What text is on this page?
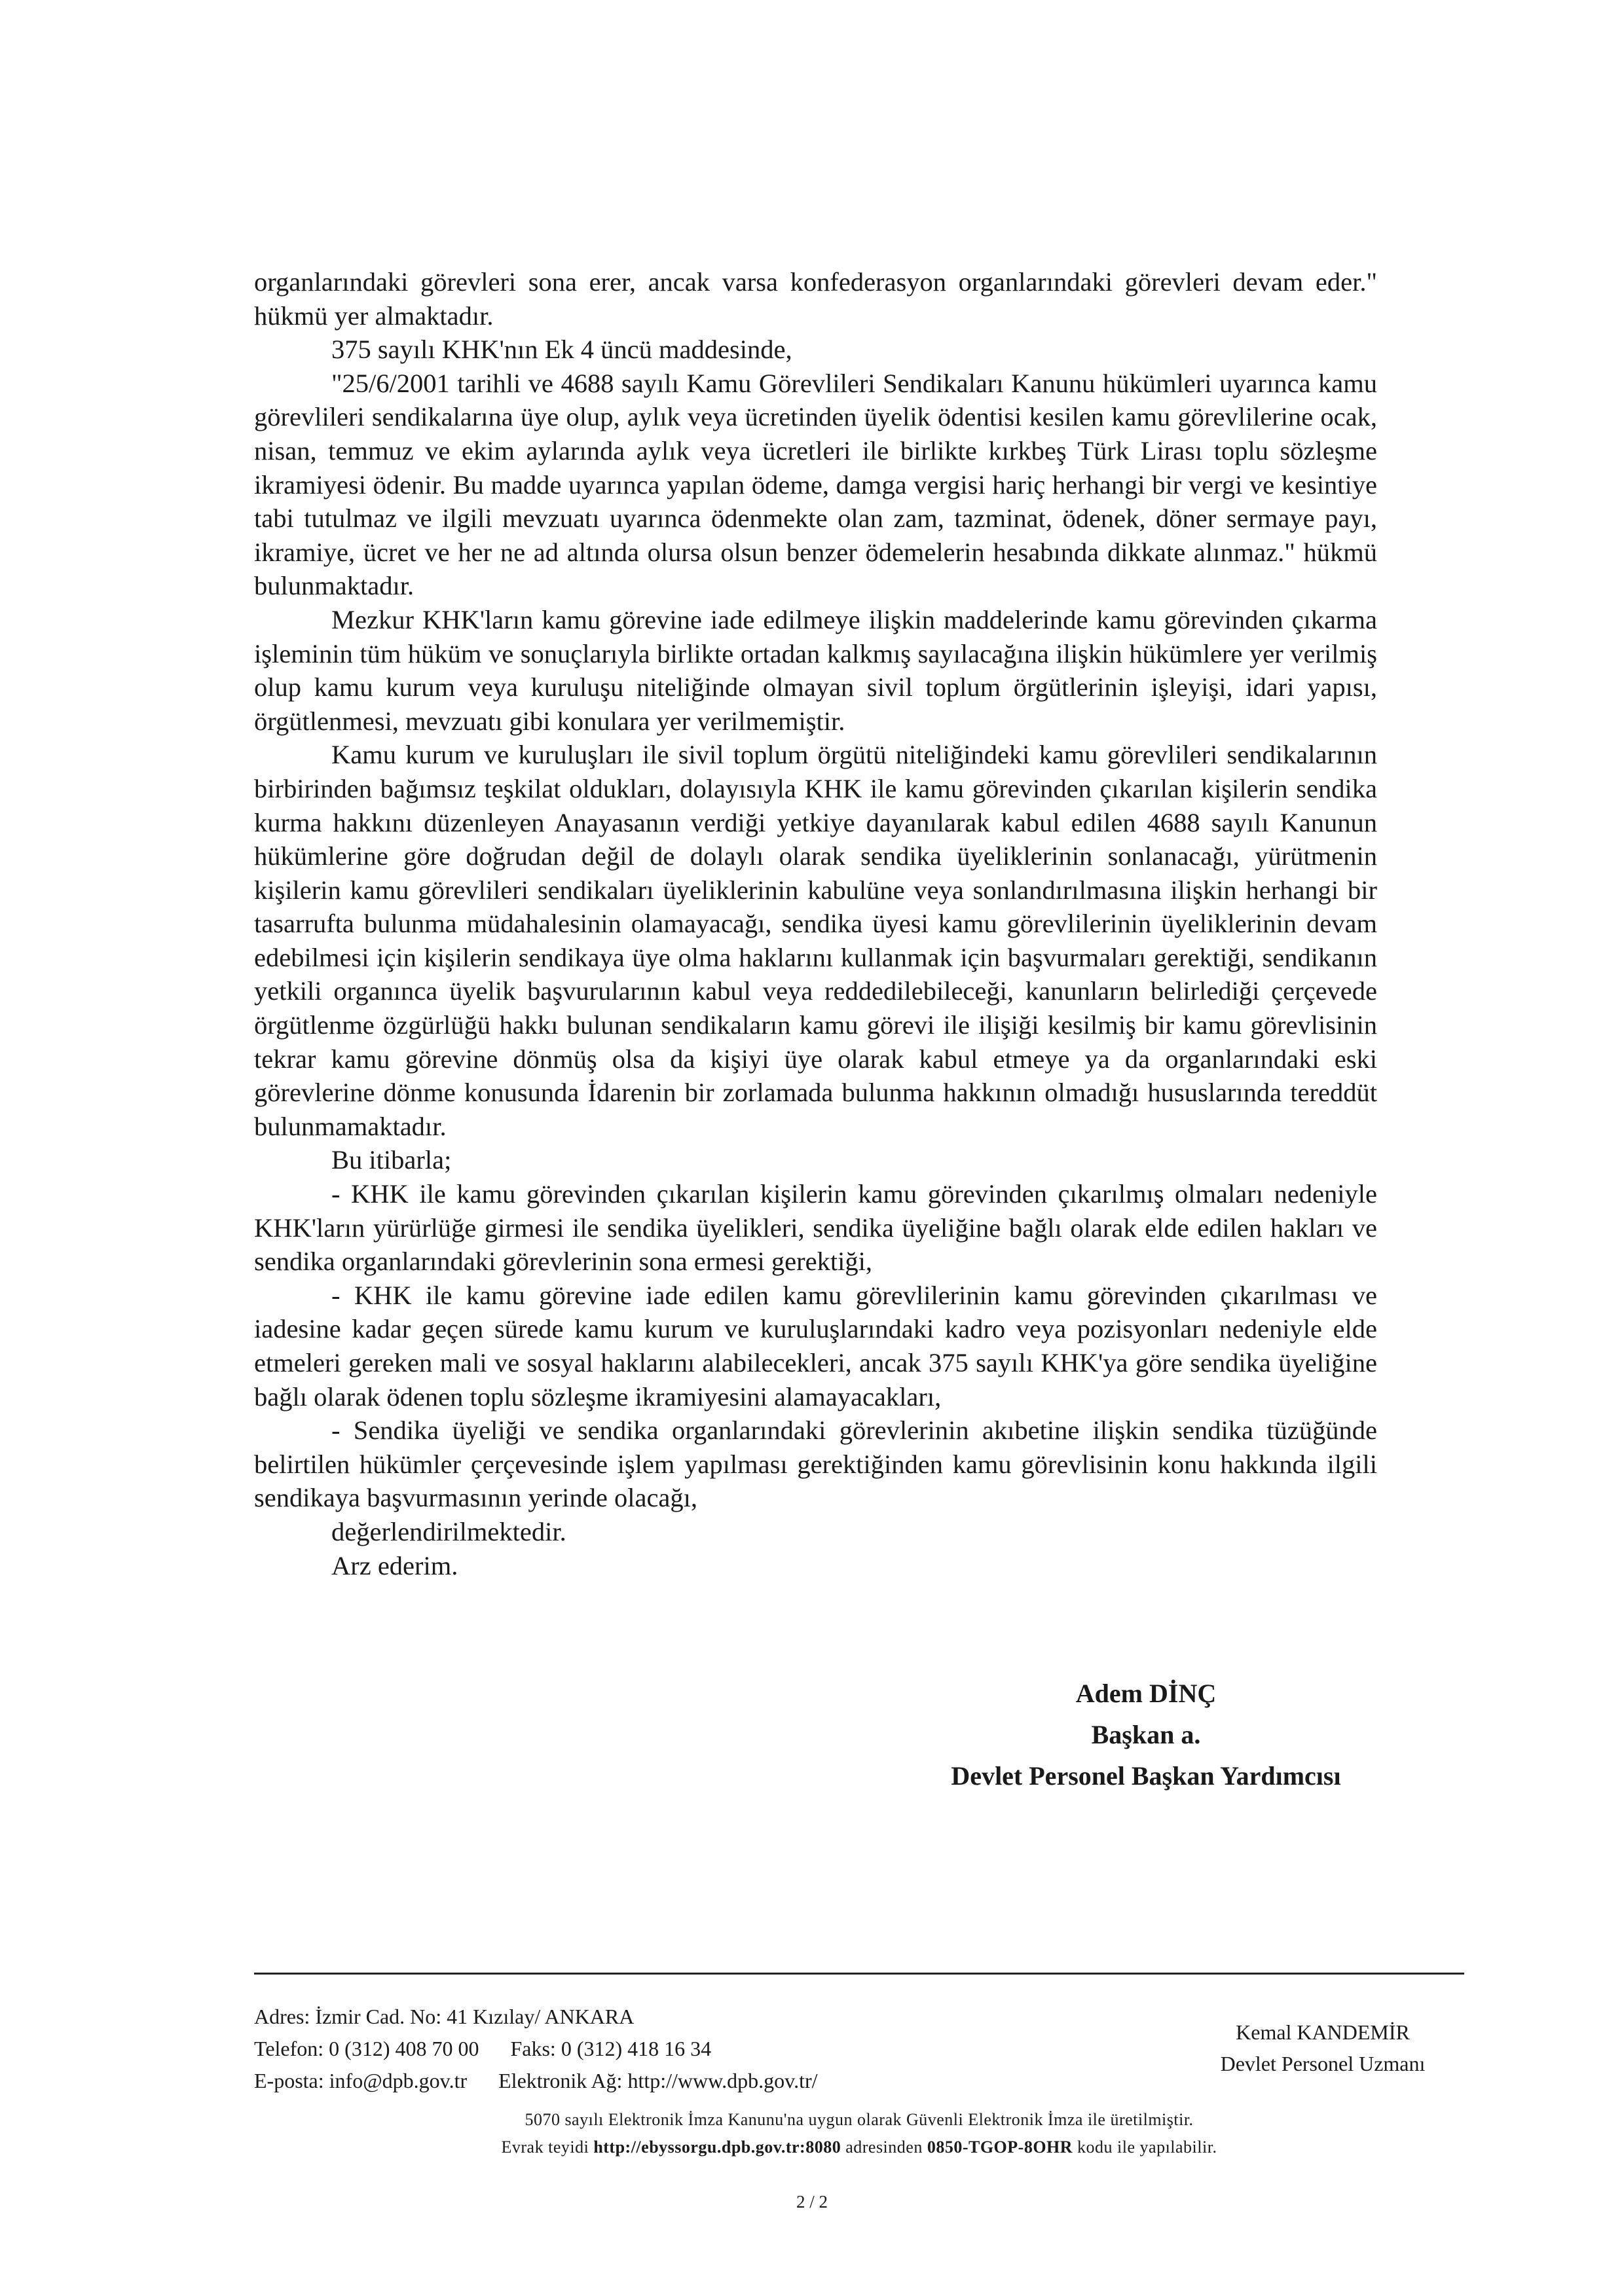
organlarındaki görevleri sona erer, ancak varsa konfederasyon organlarındaki görevleri devam eder." hükmü yer almaktadır.

375 sayılı KHK'nın Ek 4 üncü maddesinde,

"25/6/2001 tarihli ve 4688 sayılı Kamu Görevlileri Sendikaları Kanunu hükümleri uyarınca kamu görevlileri sendikalarına üye olup, aylık veya ücretinden üyelik ödentisi kesilen kamu görevlilerine ocak, nisan, temmuz ve ekim aylarında aylık veya ücretleri ile birlikte kırkbeş Türk Lirası toplu sözleşme ikramiyesi ödenir. Bu madde uyarınca yapılan ödeme, damga vergisi hariç herhangi bir vergi ve kesintiye tabi tutulmaz ve ilgili mevzuatı uyarınca ödenmekte olan zam, tazminat, ödenek, döner sermaye payı, ikramiye, ücret ve her ne ad altında olursa olsun benzer ödemelerin hesabında dikkate alınmaz." hükmü bulunmaktadır.

Mezkur KHK'ların kamu görevine iade edilmeye ilişkin maddelerinde kamu görevinden çıkarma işleminin tüm hüküm ve sonuçlarıyla birlikte ortadan kalkmış sayılacağına ilişkin hükümlere yer verilmiş olup kamu kurum veya kuruluşu niteliğinde olmayan sivil toplum örgütlerinin işleyişi, idari yapısı, örgütlenmesi, mevzuatı gibi konulara yer verilmemiştir.

Kamu kurum ve kuruluşları ile sivil toplum örgütü niteliğindeki kamu görevlileri sendikalarının birbirinden bağımsız teşkilat oldukları, dolayısıyla KHK ile kamu görevinden çıkarılan kişilerin sendika kurma hakkını düzenleyen Anayasanın verdiği yetkiye dayanılarak kabul edilen 4688 sayılı Kanunun hükümlerine göre doğrudan değil de dolaylı olarak sendika üyeliklerinin sonlanacağı, yürütmenin kişilerin kamu görevlileri sendikaları üyeliklerinin kabulüne veya sonlandırılmasına ilişkin herhangi bir tasarrufta bulunma müdahalesinin olamayacağı, sendika üyesi kamu görevlilerinin üyeliklerinin devam edebilmesi için kişilerin sendikaya üye olma haklarını kullanmak için başvurmaları gerektiği, sendikanın yetkili organınca üyelik başvurularının kabul veya reddedilebileceği, kanunların belirlediği çerçevede örgütlenme özgürlüğü hakkı bulunan sendikaların kamu görevi ile ilişiği kesilmiş bir kamu görevlisinin tekrar kamu görevine dönmüş olsa da kişiyi üye olarak kabul etmeye ya da organlarındaki eski görevlerine dönme konusunda İdarenin bir zorlamada bulunma hakkının olmadığı hususlarında tereddüt bulunmamaktadır.

Bu itibarla;

- KHK ile kamu görevinden çıkarılan kişilerin kamu görevinden çıkarılmış olmaları nedeniyle KHK'ların yürürlüğe girmesi ile sendika üyelikleri, sendika üyeliğine bağlı olarak elde edilen hakları ve sendika organlarındaki görevlerinin sona ermesi gerektiği,

- KHK ile kamu görevine iade edilen kamu görevlilerinin kamu görevinden çıkarılması ve iadesine kadar geçen sürede kamu kurum ve kuruluşlarındaki kadro veya pozisyonları nedeniyle elde etmeleri gereken mali ve sosyal haklarını alabilecekleri, ancak 375 sayılı KHK'ya göre sendika üyeliğine bağlı olarak ödenen toplu sözleşme ikramiyesini alamayacakları,

- Sendika üyeliği ve sendika organlarındaki görevlerinin akıbetine ilişkin sendika tüzüğünde belirtilen hükümler çerçevesinde işlem yapılması gerektiğinden kamu görevlisinin konu hakkında ilgili sendikaya başvurmasının yerinde olacağı,

değerlendirilmektedir.

Arz ederim.

Adem DİNÇ
Başkan a.
Devlet Personel Başkan Yardımcısı
Adres: İzmir Cad. No: 41 Kızılay/ ANKARA
Telefon: 0 (312) 408 70 00 Faks: 0 (312) 418 16 34
E-posta: info@dpb.gov.tr Elektronik Ağ: http://www.dpb.gov.tr/
Kemal KANDEMİR
Devlet Personel Uzmanı
5070 sayılı Elektronik İmza Kanunu'na uygun olarak Güvenli Elektronik İmza ile üretilmiştir.
Evrak teyidi http://ebyssorgu.dpb.gov.tr:8080 adresinden 0850-TGOP-8OHR kodu ile yapılabilir.
2 / 2
